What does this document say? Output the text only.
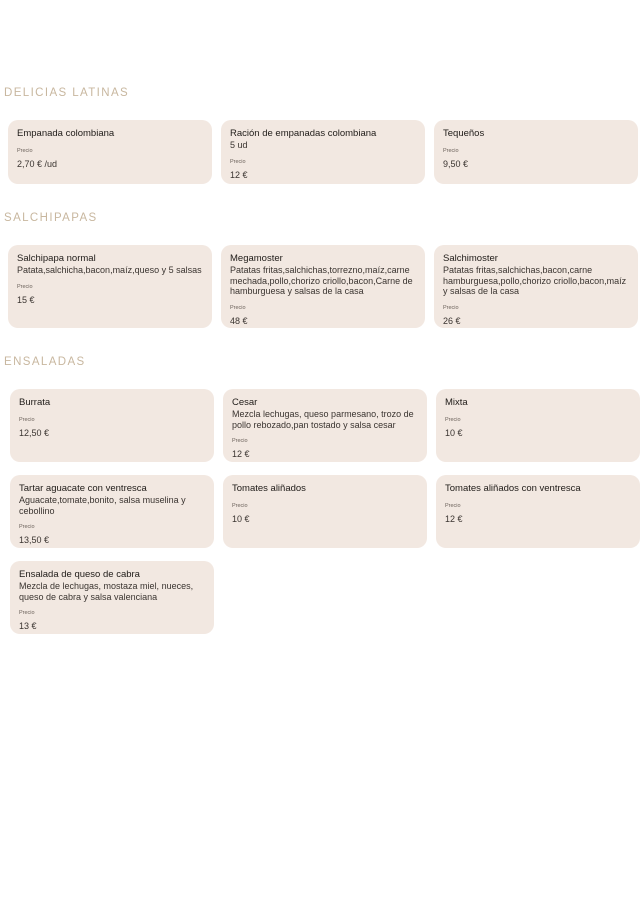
DELICIAS LATINAS
Empanada colombiana
Precio
2,70 € /ud
Ración de empanadas colombiana
5 ud
Precio
12 €
Tequeños
Precio
9,50 €
SALCHIPAPAS
Salchipapa normal
Patata,salchicha,bacon,maíz,queso y 5 salsas
Precio
15 €
Megamoster
Patatas fritas,salchichas,torrezno,maíz,carne mechada,pollo,chorizo criollo,bacon,Carne de hamburguesa y salsas de la casa
Precio
48 €
Salchimoster
Patatas fritas,salchichas,bacon,carne hamburguesa,pollo,chorizo criollo,bacon,maíz y salsas de la casa
Precio
26 €
ENSALADAS
Burrata
Precio
12,50 €
Cesar
Mezcla lechugas, queso parmesano, trozo de pollo rebozado,pan tostado y salsa cesar
Precio
12 €
Mixta
Precio
10 €
Tartar aguacate con ventresca
Aguacate,tomate,bonito, salsa muselina y cebollino
Precio
13,50 €
Tomates aliñados
Precio
10 €
Tomates aliñados con ventresca
Precio
12 €
Ensalada de queso de cabra
Mezcla de lechugas, mostaza miel, nueces, queso de cabra y salsa valenciana
Precio
13 €
